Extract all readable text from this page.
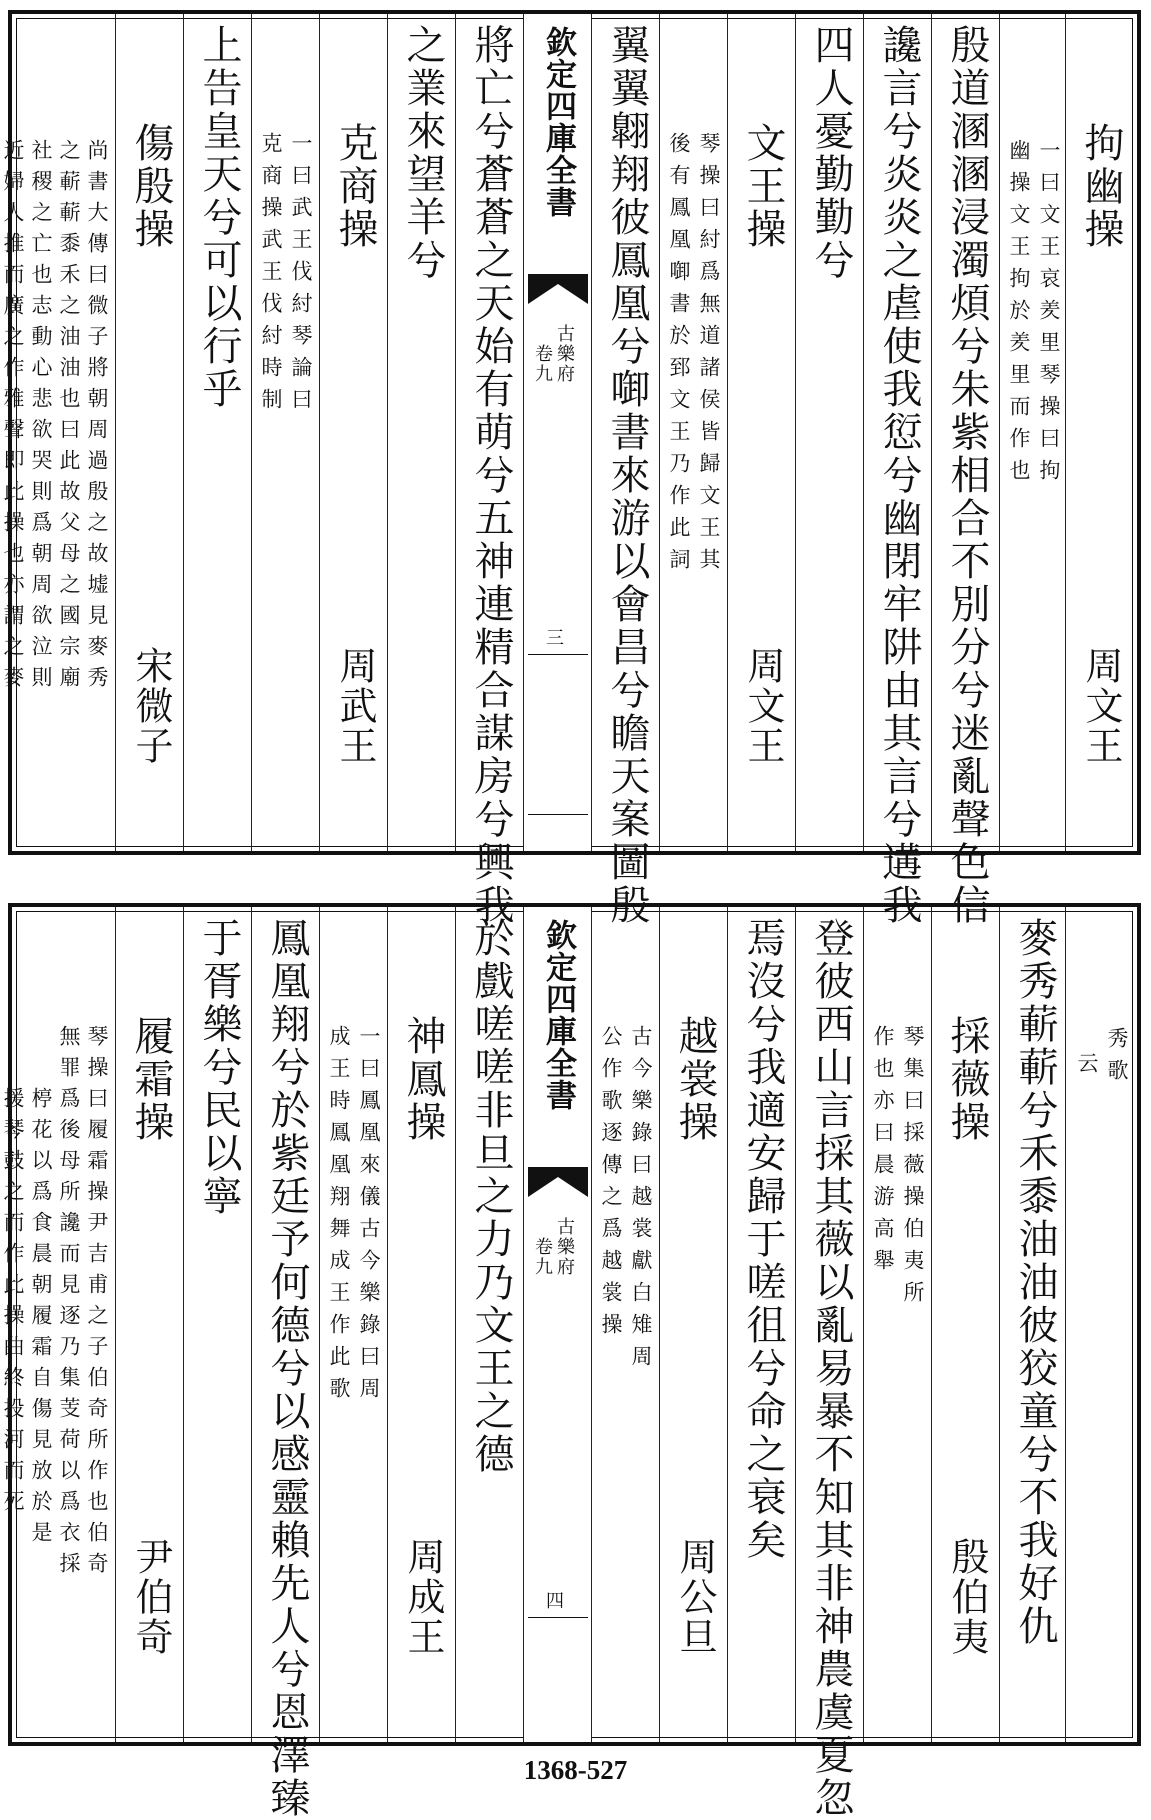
拘幽操
周文王
一曰文王哀羑里琴操曰拘
幽操文王拘於羑里而作也
殷道溷溷浸濁煩兮朱紫相合不別分兮迷亂聲色信
讒言兮炎炎之虐使我愆兮幽閉牢阱由其言兮遘我
四人憂勤勤兮
文王操
周文王
琴操曰紂爲無道諸侯皆歸文王其
後有鳳凰啣書於郅文王乃作此詞
翼翼翺翔彼鳳凰兮啣書來游以會昌兮瞻天案圖殷
欽定四庫全書
古樂府
卷九
三
將亡兮蒼蒼之天始有萌兮五神連精合謀房兮興我
之業來望羊兮
克商操
周武王
一曰武王伐紂琴論曰
克商操武王伐紂時制
上告皇天兮可以行乎
傷殷操
宋微子
尚書大傳曰微子將朝周過殷之故墟見麥秀
之蔪蔪黍禾之油油也曰此故父母之國宗廟
社稷之亡也志動心悲欲哭則爲朝周欲泣則
近婦人推而廣之作雅聲即此操也亦謂之麥
秀歌
云
麥秀蔪蔪兮禾黍油油彼狡童兮不我好仇
採薇操
殷伯夷
琴集曰採薇操伯夷所
作也亦曰晨游高舉
登彼西山言採其薇以亂易暴不知其非神農虞夏忽
焉沒兮我適安歸于嗟徂兮命之衰矣
越裳操
周公旦
古今樂錄曰越裳獻白雉周
公作歌逐傳之爲越裳操
欽定四庫全書
古樂府
卷九
四
於戲嗟嗟非旦之力乃文王之德
神鳳操
周成王
一曰鳳凰來儀古今樂錄曰周
成王時鳳凰翔舞成王作此歌
鳳凰翔兮於紫廷予何德兮以感靈賴先人兮恩澤臻
于胥樂兮民以寧
履霜操
尹伯奇
琴操曰履霜操尹吉甫之子伯奇所作也伯奇
無罪爲後母所讒而見逐乃集芰荷以爲衣採
楟花以爲食晨朝履霜自傷見放於是
援琴鼓之而作此操曲終投河而死
1368-527
